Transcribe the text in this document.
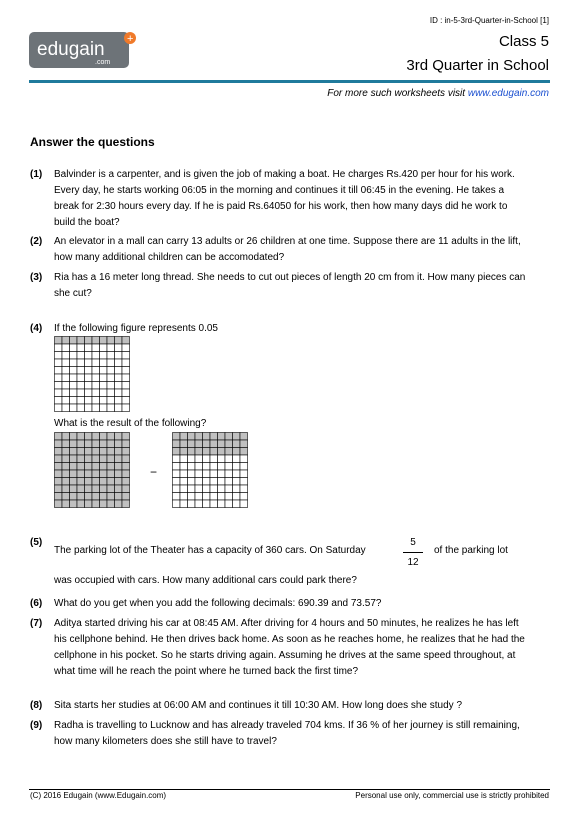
edugain
.com
+
ID : in-5-3rd-Quarter-in-School [1]
Class 5
3rd Quarter in School
For more such worksheets visit www.edugain.com
Answer the questions
(1) Balvinder is a carpenter, and is given the job of making a boat. He charges Rs.420 per hour for his work. Every day, he starts working 06:05 in the morning and continues it till 06:45 in the evening. He takes a break for 2:30 hours every day. If he is paid Rs.64050 for his work, then how many days did he work to build the boat?
(2) An elevator in a mall can carry 13 adults or 26 children at one time. Suppose there are 11 adults in the lift, how many additional children can be accomodated?
(3) Ria has a 16 meter long thread. She needs to cut out pieces of length 20 cm from it. How many pieces can she cut?
(4) If the following figure represents 0.05
What is the result of the following?
−
(5)
The parking lot of the Theater has a capacity of 360 cars. On Saturday
5
12
of the parking lot
was occupied with cars. How many additional cars could park there?
(6) What do you get when you add the following decimals: 690.39 and 73.57?
(7) Aditya started driving his car at 08:45 AM. After driving for 4 hours and 50 minutes, he realizes he has left his cellphone behind. He then drives back home. As soon as he reaches home, he realizes that he had the cellphone in his pocket. So he starts driving again. Assuming he drives at the same speed throughout, at what time will he reach the point where he turned back the first time?
(8) Sita starts her studies at 06:00 AM and continues it till 10:30 AM. How long does she study ?
(9) Radha is travelling to Lucknow and has already traveled 704 kms. If 36 % of her journey is still remaining, how many kilometers does she still have to travel?
(C) 2016 Edugain (www.Edugain.com)	Personal use only, commercial use is strictly prohibited
